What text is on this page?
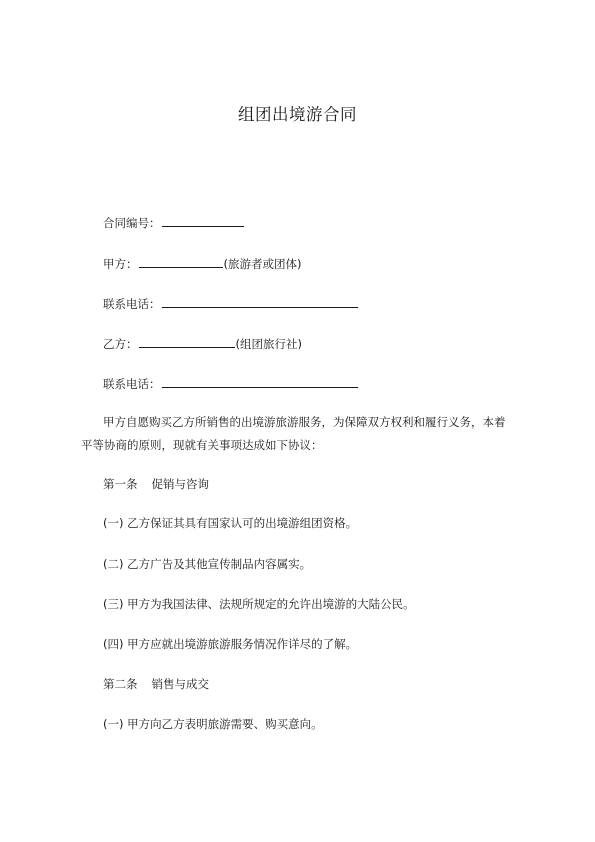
组团出境游合同
合同编号：
甲方：	(旅游者或团体)
联系电话：
乙方：	(组团旅行社)
联系电话：
甲方自愿购买乙方所销售的出境游旅游服务，为保障双方权利和履行义务，本着
平等协商的原则，现就有关事项达成如下协议：
第一条 促销与咨询
(一) 乙方保证其具有国家认可的出境游组团资格。
(二) 乙方广告及其他宣传制品内容属实。
(三) 甲方为我国法律、法规所规定的允许出境游的大陆公民。
(四) 甲方应就出境游旅游服务情况作详尽的了解。
第二条 销售与成交
(一) 甲方向乙方表明旅游需要、购买意向。
